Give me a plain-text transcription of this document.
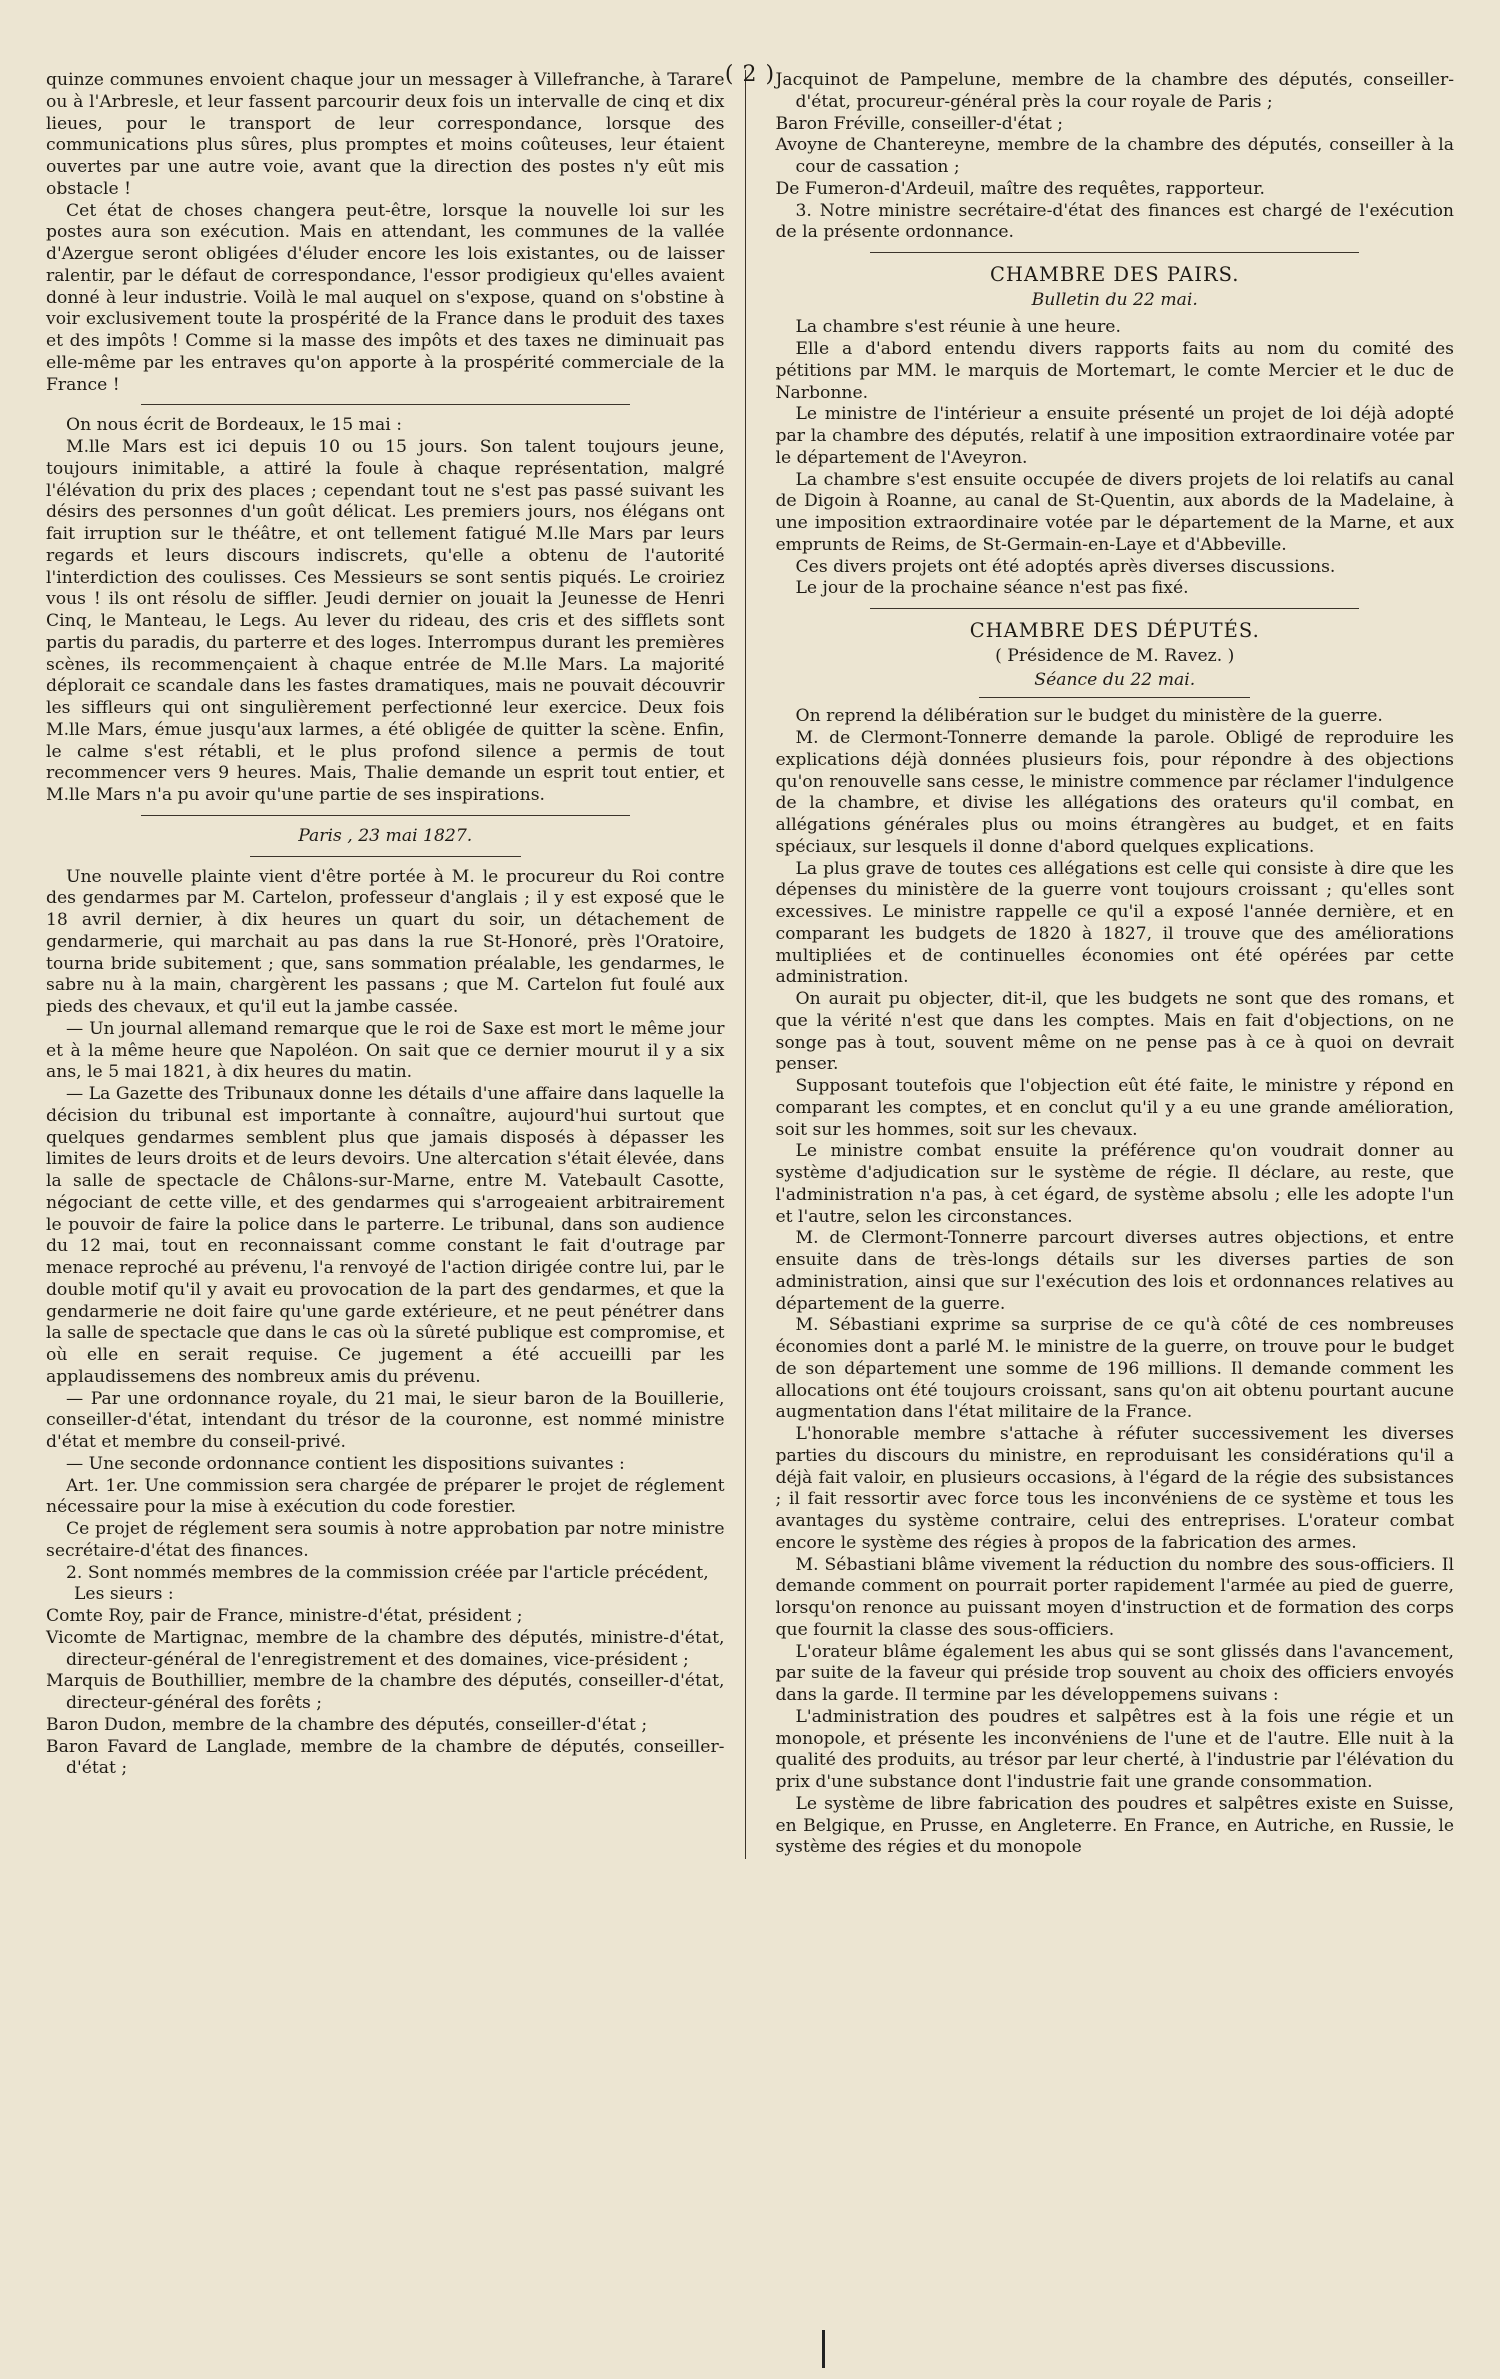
( 2 )

quinze communes envoient chaque jour un messager à Villefranche, à Tarare ou à l'Arbresle, et leur fassent parcourir deux fois un intervalle de cinq et dix lieues, pour le transport de leur correspondance, lorsque des communications plus sûres, plus promptes et moins coûteuses, leur étaient ouvertes par une autre voie, avant que la direction des postes n'y eût mis obstacle !

Cet état de choses changera peut-être, lorsque la nouvelle loi sur les postes aura son exécution. Mais en attendant, les communes de la vallée d'Azergue seront obligées d'éluder encore les lois existantes, ou de laisser ralentir, par le défaut de correspondance, l'essor prodigieux qu'elles avaient donné à leur industrie. Voilà le mal auquel on s'expose, quand on s'obstine à voir exclusivement toute la prospérité de la France dans le produit des taxes et des impôts ! Comme si la masse des impôts et des taxes ne diminuait pas elle-même par les entraves qu'on apporte à la prospérité commerciale de la France !

On nous écrit de Bordeaux, le 15 mai :

M.lle Mars est ici depuis 10 ou 15 jours. Son talent toujours jeune, toujours inimitable, a attiré la foule à chaque représentation, malgré l'élévation du prix des places ; cependant tout ne s'est pas passé suivant les désirs des personnes d'un goût délicat. Les premiers jours, nos élégans ont fait irruption sur le théâtre, et ont tellement fatigué M.lle Mars par leurs regards et leurs discours indiscrets, qu'elle a obtenu de l'autorité l'interdiction des coulisses. Ces Messieurs se sont sentis piqués. Le croiriez vous ! ils ont résolu de siffler. Jeudi dernier on jouait la Jeunesse de Henri Cinq, le Manteau, le Legs. Au lever du rideau, des cris et des sifflets sont partis du paradis, du parterre et des loges. Interrompus durant les premières scènes, ils recommençaient à chaque entrée de M.lle Mars. La majorité déplorait ce scandale dans les fastes dramatiques, mais ne pouvait découvrir les siffleurs qui ont singulièrement perfectionné leur exercice. Deux fois M.lle Mars, émue jusqu'aux larmes, a été obligée de quitter la scène. Enfin, le calme s'est rétabli, et le plus profond silence a permis de tout recommencer vers 9 heures. Mais, Thalie demande un esprit tout entier, et M.lle Mars n'a pu avoir qu'une partie de ses inspirations.

Paris , 23 mai 1827.

Une nouvelle plainte vient d'être portée à M. le procureur du Roi contre des gendarmes par M. Cartelon, professeur d'anglais ; il y est exposé que le 18 avril dernier, à dix heures un quart du soir, un détachement de gendarmerie, qui marchait au pas dans la rue St-Honoré, près l'Oratoire, tourna bride subitement ; que, sans sommation préalable, les gendarmes, le sabre nu à la main, chargèrent les passans ; que M. Cartelon fut foulé aux pieds des chevaux, et qu'il eut la jambe cassée.

— Un journal allemand remarque que le roi de Saxe est mort le même jour et à la même heure que Napoléon. On sait que ce dernier mourut il y a six ans, le 5 mai 1821, à dix heures du matin.

— La Gazette des Tribunaux donne les détails d'une affaire dans laquelle la décision du tribunal est importante à connaître, aujourd'hui surtout que quelques gendarmes semblent plus que jamais disposés à dépasser les limites de leurs droits et de leurs devoirs. Une altercation s'était élevée, dans la salle de spectacle de Châlons-sur-Marne, entre M. Vatebault Casotte, négociant de cette ville, et des gendarmes qui s'arrogeaient arbitrairement le pouvoir de faire la police dans le parterre. Le tribunal, dans son audience du 12 mai, tout en reconnaissant comme constant le fait d'outrage par menace reproché au prévenu, l'a renvoyé de l'action dirigée contre lui, par le double motif qu'il y avait eu provocation de la part des gendarmes, et que la gendarmerie ne doit faire qu'une garde extérieure, et ne peut pénétrer dans la salle de spectacle que dans le cas où la sûreté publique est compromise, et où elle en serait requise. Ce jugement a été accueilli par les applaudissemens des nombreux amis du prévenu.

— Par une ordonnance royale, du 21 mai, le sieur baron de la Bouillerie, conseiller-d'état, intendant du trésor de la couronne, est nommé ministre d'état et membre du conseil-privé.

— Une seconde ordonnance contient les dispositions suivantes :

Art. 1er. Une commission sera chargée de préparer le projet de réglement nécessaire pour la mise à exécution du code forestier.

Ce projet de réglement sera soumis à notre approbation par notre ministre secrétaire-d'état des finances.

2. Sont nommés membres de la commission créée par l'article précédent,

Les sieurs :

Comte Roy, pair de France, ministre-d'état, président ;

Vicomte de Martignac, membre de la chambre des députés, ministre-d'état, directeur-général de l'enregistrement et des domaines, vice-président ;

Marquis de Bouthillier, membre de la chambre des députés, conseiller-d'état, directeur-général des forêts ;

Baron Dudon, membre de la chambre des députés, conseiller-d'état ;

Baron Favard de Langlade, membre de la chambre de députés, conseiller-d'état ;

Jacquinot de Pampelune, membre de la chambre des députés, conseiller-d'état, procureur-général près la cour royale de Paris ;

Baron Fréville, conseiller-d'état ;

Avoyne de Chantereyne, membre de la chambre des députés, conseiller à la cour de cassation ;

De Fumeron-d'Ardeuil, maître des requêtes, rapporteur.

3. Notre ministre secrétaire-d'état des finances est chargé de l'exécution de la présente ordonnance.

CHAMBRE DES PAIRS.
Bulletin du 22 mai.

La chambre s'est réunie à une heure.

Elle a d'abord entendu divers rapports faits au nom du comité des pétitions par MM. le marquis de Mortemart, le comte Mercier et le duc de Narbonne.

Le ministre de l'intérieur a ensuite présenté un projet de loi déjà adopté par la chambre des députés, relatif à une imposition extraordinaire votée par le département de l'Aveyron.

La chambre s'est ensuite occupée de divers projets de loi relatifs au canal de Digoin à Roanne, au canal de St-Quentin, aux abords de la Madelaine, à une imposition extraordinaire votée par le département de la Marne, et aux emprunts de Reims, de St-Germain-en-Laye et d'Abbeville.

Ces divers projets ont été adoptés après diverses discussions.

Le jour de la prochaine séance n'est pas fixé.

CHAMBRE DES DÉPUTÉS.
( Présidence de M. Ravez. )
Séance du 22 mai.

On reprend la délibération sur le budget du ministère de la guerre.

M. de Clermont-Tonnerre demande la parole. Obligé de reproduire les explications déjà données plusieurs fois, pour répondre à des objections qu'on renouvelle sans cesse, le ministre commence par réclamer l'indulgence de la chambre, et divise les allégations des orateurs qu'il combat, en allégations générales plus ou moins étrangères au budget, et en faits spéciaux, sur lesquels il donne d'abord quelques explications.

La plus grave de toutes ces allégations est celle qui consiste à dire que les dépenses du ministère de la guerre vont toujours croissant ; qu'elles sont excessives. Le ministre rappelle ce qu'il a exposé l'année dernière, et en comparant les budgets de 1820 à 1827, il trouve que des améliorations multipliées et de continuelles économies ont été opérées par cette administration.

On aurait pu objecter, dit-il, que les budgets ne sont que des romans, et que la vérité n'est que dans les comptes. Mais en fait d'objections, on ne songe pas à tout, souvent même on ne pense pas à ce à quoi on devrait penser.

Supposant toutefois que l'objection eût été faite, le ministre y répond en comparant les comptes, et en conclut qu'il y a eu une grande amélioration, soit sur les hommes, soit sur les chevaux.

Le ministre combat ensuite la préférence qu'on voudrait donner au système d'adjudication sur le système de régie. Il déclare, au reste, que l'administration n'a pas, à cet égard, de système absolu ; elle les adopte l'un et l'autre, selon les circonstances.

M. de Clermont-Tonnerre parcourt diverses autres objections, et entre ensuite dans de très-longs détails sur les diverses parties de son administration, ainsi que sur l'exécution des lois et ordonnances relatives au département de la guerre.

M. Sébastiani exprime sa surprise de ce qu'à côté de ces nombreuses économies dont a parlé M. le ministre de la guerre, on trouve pour le budget de son département une somme de 196 millions. Il demande comment les allocations ont été toujours croissant, sans qu'on ait obtenu pourtant aucune augmentation dans l'état militaire de la France.

L'honorable membre s'attache à réfuter successivement les diverses parties du discours du ministre, en reproduisant les considérations qu'il a déjà fait valoir, en plusieurs occasions, à l'égard de la régie des subsistances ; il fait ressortir avec force tous les inconvéniens de ce système et tous les avantages du système contraire, celui des entreprises. L'orateur combat encore le système des régies à propos de la fabrication des armes.

M. Sébastiani blâme vivement la réduction du nombre des sous-officiers. Il demande comment on pourrait porter rapidement l'armée au pied de guerre, lorsqu'on renonce au puissant moyen d'instruction et de formation des corps que fournit la classe des sous-officiers.

L'orateur blâme également les abus qui se sont glissés dans l'avancement, par suite de la faveur qui préside trop souvent au choix des officiers envoyés dans la garde. Il termine par les développemens suivans :

L'administration des poudres et salpêtres est à la fois une régie et un monopole, et présente les inconvéniens de l'une et de l'autre. Elle nuit à la qualité des produits, au trésor par leur cherté, à l'industrie par l'élévation du prix d'une substance dont l'industrie fait une grande consommation.

Le système de libre fabrication des poudres et salpêtres existe en Suisse, en Belgique, en Prusse, en Angleterre. En France, en Autriche, en Russie, le système des régies et du monopole
